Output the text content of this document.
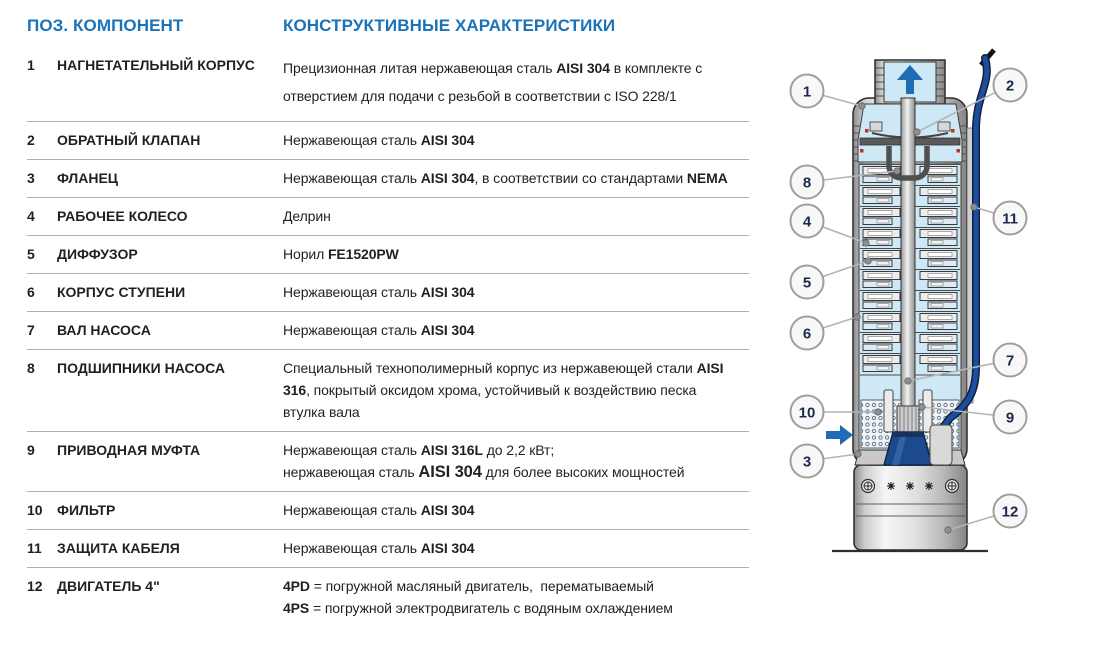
ПОЗ. КОМПОНЕНТ	КОНСТРУКТИВНЫЕ ХАРАКТЕРИСТИКИ
1	НАГНЕТАТЕЛЬНЫЙ КОРПУС	Прецизионная литая нержавеющая сталь AISI 304 в комплекте с
отверстием для подачи с резьбой в соответствии с ISO 228/1
2	ОБРАТНЫЙ КЛАПАН	Нержавеющая сталь AISI 304
3	ФЛАНЕЦ	Нержавеющая сталь AISI 304, в соответствии со стандартами NEMA
4	РАБОЧЕЕ КОЛЕСО	Делрин
5	ДИФФУЗОР	Норил FE1520PW
6	КОРПУС СТУПЕНИ	Нержавеющая сталь AISI 304
7	ВАЛ НАСОСА	Нержавеющая сталь AISI 304
8	ПОДШИПНИКИ НАСОСА	Специальный технополимерный корпус из нержавеющей стали AISI
316, покрытый оксидом хрома, устойчивый к воздействию песка
втулка вала
9	ПРИВОДНАЯ МУФТА	Нержавеющая сталь AISI 316L до 2,2 кВт;
нержавеющая сталь AISI 304 для более высоких мощностей
10	ФИЛЬТР	Нержавеющая сталь AISI 304
11	ЗАЩИТА КАБЕЛЯ	Нержавеющая сталь AISI 304
12	ДВИГАТЕЛЬ 4"	4PD = погружной масляный двигатель,  перематываемый
4PS = погружной электродвигатель с водяным охлаждением
1	2
8
4
5
6
11
7
10	9
3
12
